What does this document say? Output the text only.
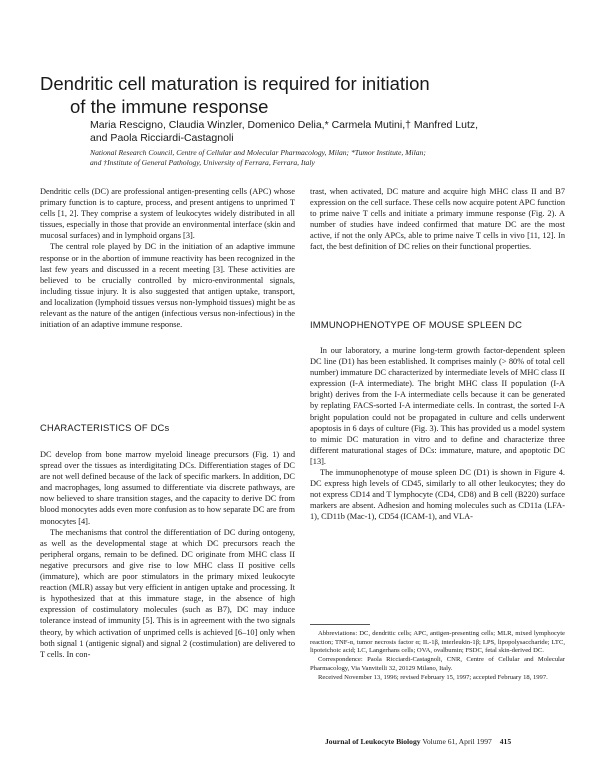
Dendritic cell maturation is required for initiation
of the immune response
Maria Rescigno, Claudia Winzler, Domenico Delia,* Carmela Mutini,† Manfred Lutz,
and Paola Ricciardi-Castagnoli
National Research Council, Centre of Cellular and Molecular Pharmacology, Milan; *Tumor Institute, Milan;
and †Institute of General Pathology, University of Ferrara, Ferrara, Italy

Dendritic cells (DC) are professional antigen-presenting cells (APC) whose primary function is to capture, process, and present antigens to unprimed T cells [1, 2]. They comprise a system of leukocytes widely distributed in all tissues, especially in those that provide an environmental interface (skin and mucosal surfaces) and in lymphoid organs [3].

The central role played by DC in the initiation of an adaptive immune response or in the abortion of immune reactivity has been recognized in the last few years and discussed in a recent meeting [3]. These activities are believed to be crucially controlled by micro-environmental signals, including tissue injury. It is also suggested that antigen uptake, transport, and localization (lymphoid tissues versus non-lymphoid tissues) might be as relevant as the nature of the antigen (infectious versus non-infectious) in the initiation of an adaptive immune response.

CHARACTERISTICS OF DCs

DC develop from bone marrow myeloid lineage precursors (Fig. 1) and spread over the tissues as interdigitating DCs. Differentiation stages of DC are not well defined because of the lack of specific markers. In addition, DC and macrophages, long assumed to differentiate via discrete pathways, are now believed to share transition stages, and the capacity to derive DC from blood monocytes adds even more confusion as to how separate DC are from monocytes [4].

The mechanisms that control the differentiation of DC during ontogeny, as well as the developmental stage at which DC precursors reach the peripheral organs, remain to be defined. DC originate from MHC class II negative precursors and give rise to low MHC class II positive cells (immature), which are poor stimulators in the primary mixed leukocyte reaction (MLR) assay but very efficient in antigen uptake and processing. It is hypothesized that at this immature stage, in the absence of high expression of costimulatory molecules (such as B7), DC may induce tolerance instead of immunity [5]. This is in agreement with the two signals theory, by which activation of unprimed cells is achieved [6–10] only when both signal 1 (antigenic signal) and signal 2 (costimulation) are delivered to T cells. In con-

trast, when activated, DC mature and acquire high MHC class II and B7 expression on the cell surface. These cells now acquire potent APC function to prime naive T cells and initiate a primary immune response (Fig. 2). A number of studies have indeed confirmed that mature DC are the most active, if not the only APCs, able to prime naive T cells in vivo [11, 12]. In fact, the best definition of DC relies on their functional properties.

IMMUNOPHENOTYPE OF MOUSE SPLEEN DC

In our laboratory, a murine long-term growth factor-dependent spleen DC line (D1) has been established. It comprises mainly (> 80% of total cell number) immature DC characterized by intermediate levels of MHC class II expression (I-A intermediate). The bright MHC class II population (I-A bright) derives from the I-A intermediate cells because it can be generated by replating FACS-sorted I-A intermediate cells. In contrast, the sorted I-A bright population could not be propagated in culture and cells underwent apoptosis in 6 days of culture (Fig. 3). This has provided us a model system to mimic DC maturation in vitro and to define and characterize three different maturational stages of DCs: immature, mature, and apoptotic DC [13].

The immunophenotype of mouse spleen DC (D1) is shown in Figure 4. DC express high levels of CD45, similarly to all other leukocytes; they do not express CD14 and T lymphocyte (CD4, CD8) and B cell (B220) surface markers are absent. Adhesion and homing molecules such as CD11a (LFA-1), CD11b (Mac-1), CD54 (ICAM-1), and VLA-

Abbreviations: DC, dendritic cells; APC, antigen-presenting cells; MLR, mixed lymphocyte reaction; TNF-α, tumor necrosis factor α; IL-1β, interleukin-1β; LPS, lipopolysaccharide; LTC, lipoteichoic acid; LC, Langerhans cells; OVA, ovalbumin; FSDC, fetal skin-derived DC.

Correspondence: Paola Ricciardi-Castagnoli, CNR, Centre of Cellular and Molecular Pharmacology, Via Vanvitelli 32, 20129 Milano, Italy.

Received November 13, 1996; revised February 15, 1997; accepted February 18, 1997.

Journal of Leukocyte Biology Volume 61, April 1997 415
